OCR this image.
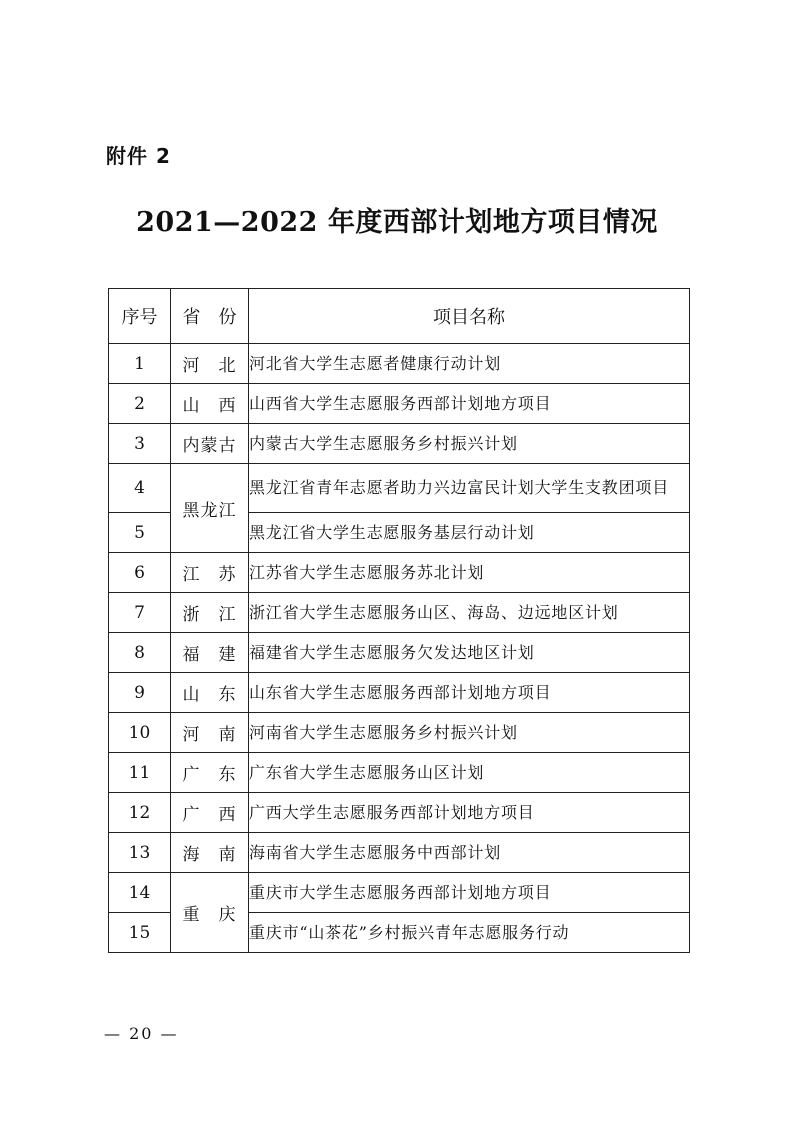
附件 2
2021—2022 年度西部计划地方项目情况
序号	省　份	项目名称
1	河　北	河北省大学生志愿者健康行动计划
2	山　西	山西省大学生志愿服务西部计划地方项目
3	内蒙古	内蒙古大学生志愿服务乡村振兴计划
4	黑龙江	黑龙江省青年志愿者助力兴边富民计划大学生支教团项目
5		黑龙江省大学生志愿服务基层行动计划
6	江　苏	江苏省大学生志愿服务苏北计划
7	浙　江	浙江省大学生志愿服务山区、海岛、边远地区计划
8	福　建	福建省大学生志愿服务欠发达地区计划
9	山　东	山东省大学生志愿服务西部计划地方项目
10	河　南	河南省大学生志愿服务乡村振兴计划
11	广　东	广东省大学生志愿服务山区计划
12	广　西	广西大学生志愿服务西部计划地方项目
13	海　南	海南省大学生志愿服务中西部计划
14	重　庆	重庆市大学生志愿服务西部计划地方项目
15		重庆市“山茶花”乡村振兴青年志愿服务行动
— 20 —
